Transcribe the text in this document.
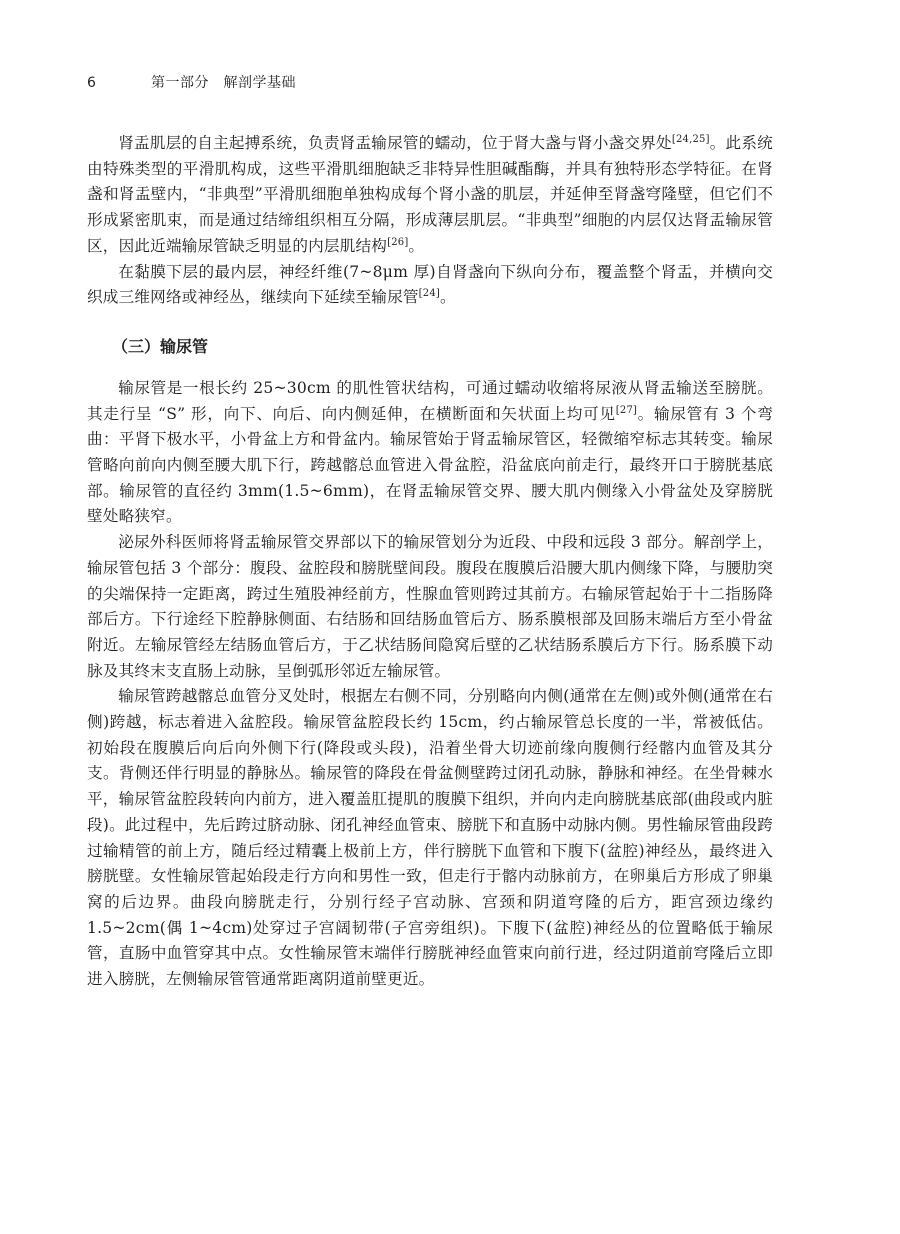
6	第一部分　解剖学基础

肾盂肌层的自主起搏系统，负责肾盂输尿管的蠕动，位于肾大盏与肾小盏交界处[24,25]。此系统由特殊类型的平滑肌构成，这些平滑肌细胞缺乏非特异性胆碱酯酶，并具有独特形态学特征。在肾盏和肾盂壁内，“非典型”平滑肌细胞单独构成每个肾小盏的肌层，并延伸至肾盏穹隆壁，但它们不形成紧密肌束，而是通过结缔组织相互分隔，形成薄层肌层。“非典型”细胞的内层仅达肾盂输尿管区，因此近端输尿管缺乏明显的内层肌结构[26]。

在黏膜下层的最内层，神经纤维(7~8μm 厚)自肾盏向下纵向分布，覆盖整个肾盂，并横向交织成三维网络或神经丛，继续向下延续至输尿管[24]。

（三）输尿管

输尿管是一根长约 25~30cm 的肌性管状结构，可通过蠕动收缩将尿液从肾盂输送至膀胱。其走行呈 “S” 形，向下、向后、向内侧延伸，在横断面和矢状面上均可见[27]。输尿管有 3 个弯曲：平肾下极水平，小骨盆上方和骨盆内。输尿管始于肾盂输尿管区，轻微缩窄标志其转变。输尿管略向前向内侧至腰大肌下行，跨越髂总血管进入骨盆腔，沿盆底向前走行，最终开口于膀胱基底部。输尿管的直径约 3mm(1.5~6mm)，在肾盂输尿管交界、腰大肌内侧缘入小骨盆处及穿膀胱壁处略狭窄。

泌尿外科医师将肾盂输尿管交界部以下的输尿管划分为近段、中段和远段 3 部分。解剖学上，输尿管包括 3 个部分：腹段、盆腔段和膀胱壁间段。腹段在腹膜后沿腰大肌内侧缘下降，与腰肋突的尖端保持一定距离，跨过生殖股神经前方，性腺血管则跨过其前方。右输尿管起始于十二指肠降部后方。下行途经下腔静脉侧面、右结肠和回结肠血管后方、肠系膜根部及回肠末端后方至小骨盆附近。左输尿管经左结肠血管后方，于乙状结肠间隐窝后壁的乙状结肠系膜后方下行。肠系膜下动脉及其终末支直肠上动脉，呈倒弧形邻近左输尿管。

输尿管跨越髂总血管分叉处时，根据左右侧不同，分别略向内侧(通常在左侧)或外侧(通常在右侧)跨越，标志着进入盆腔段。输尿管盆腔段长约 15cm，约占输尿管总长度的一半，常被低估。初始段在腹膜后向后向外侧下行(降段或头段)，沿着坐骨大切迹前缘向腹侧行经髂内血管及其分支。背侧还伴行明显的静脉丛。输尿管的降段在骨盆侧壁跨过闭孔动脉，静脉和神经。在坐骨棘水平，输尿管盆腔段转向内前方，进入覆盖肛提肌的腹膜下组织，并向内走向膀胱基底部(曲段或内脏段)。此过程中，先后跨过脐动脉、闭孔神经血管束、膀胱下和直肠中动脉内侧。男性输尿管曲段跨过输精管的前上方，随后经过精囊上极前上方，伴行膀胱下血管和下腹下(盆腔)神经丛，最终进入膀胱壁。女性输尿管起始段走行方向和男性一致，但走行于髂内动脉前方，在卵巢后方形成了卵巢窝的后边界。曲段向膀胱走行，分别行经子宫动脉、宫颈和阴道穹隆的后方，距宫颈边缘约 1.5~2cm(偶 1~4cm)处穿过子宫阔韧带(子宫旁组织)。下腹下(盆腔)神经丛的位置略低于输尿管，直肠中血管穿其中点。女性输尿管末端伴行膀胱神经血管束向前行进，经过阴道前穹隆后立即进入膀胱，左侧输尿管管通常距离阴道前壁更近。
